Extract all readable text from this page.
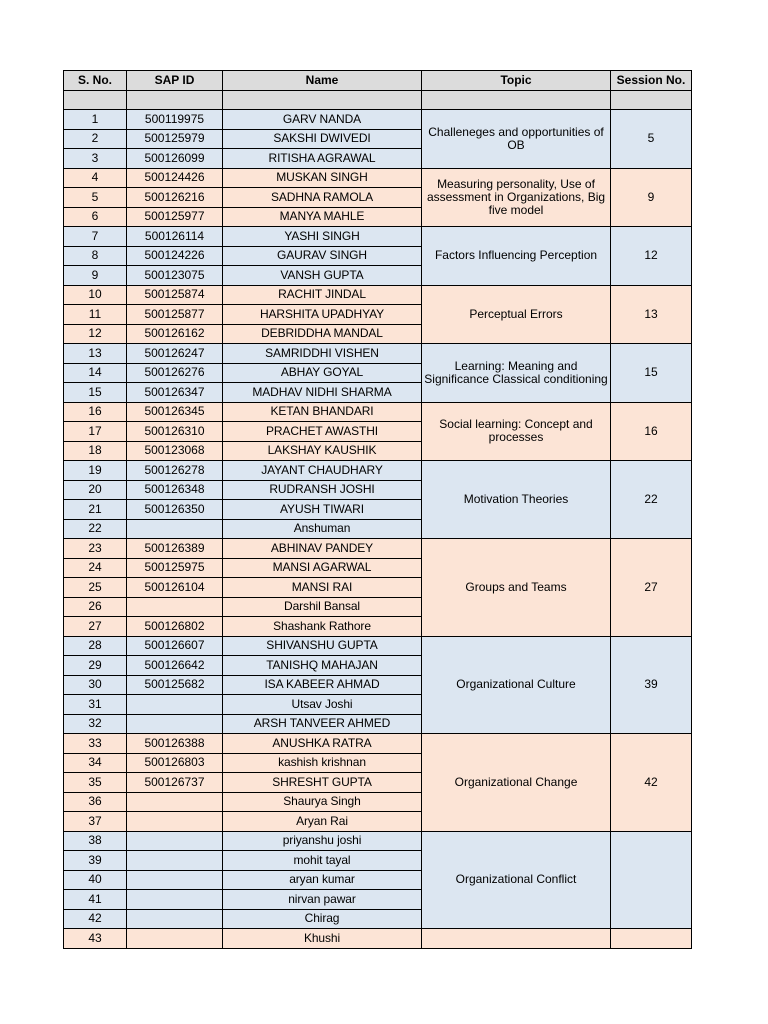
S. No.	SAP ID	Name	Topic	Session No.

1	500119975	GARV NANDA	Challeneges and opportunities of OB	5
2	500125979	SAKSHI DWIVEDI		
3	500126099	RITISHA AGRAWAL		
4	500124426	MUSKAN SINGH	Measuring personality, Use of assessment in Organizations, Big five model	9
5	500126216	SADHNA RAMOLA		
6	500125977	MANYA MAHLE		
7	500126114	YASHI SINGH	Factors Influencing Perception	12
8	500124226	GAURAV SINGH		
9	500123075	VANSH GUPTA		
10	500125874	RACHIT JINDAL	Perceptual Errors	13
11	500125877	HARSHITA UPADHYAY		
12	500126162	DEBRIDDHA MANDAL		
13	500126247	SAMRIDDHI VISHEN	Learning: Meaning and Significance Classical conditioning	15
14	500126276	ABHAY GOYAL		
15	500126347	MADHAV NIDHI SHARMA		
16	500126345	KETAN BHANDARI	Social learning: Concept and processes	16
17	500126310	PRACHET AWASTHI		
18	500123068	LAKSHAY KAUSHIK		
19	500126278	JAYANT CHAUDHARY	Motivation Theories	22
20	500126348	RUDRANSH JOSHI		
21	500126350	AYUSH TIWARI		
22		Anshuman		
23	500126389	ABHINAV PANDEY	Groups and Teams	27
24	500125975	MANSI AGARWAL		
25	500126104	MANSI RAI		
26		Darshil Bansal		
27	500126802	Shashank Rathore		
28	500126607	SHIVANSHU GUPTA	Organizational Culture	39
29	500126642	TANISHQ MAHAJAN		
30	500125682	ISA KABEER AHMAD		
31		Utsav Joshi		
32		ARSH TANVEER AHMED		
33	500126388	ANUSHKA RATRA	Organizational Change	42
34	500126803	kashish krishnan		
35	500126737	SHRESHT GUPTA		
36		Shaurya Singh		
37		Aryan Rai		
38		priyanshu joshi	Organizational Conflict	
39		mohit tayal		
40		aryan kumar		
41		nirvan pawar		
42		Chirag		
43		Khushi		
